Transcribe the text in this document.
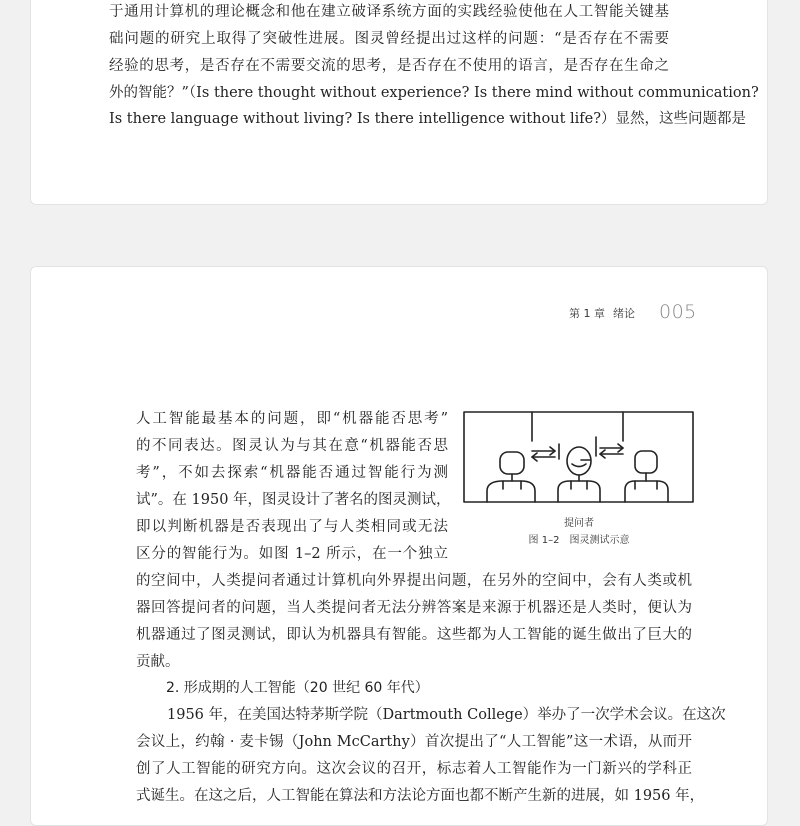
于通用计算机的理论概念和他在建立破译系统方面的实践经验使他在人工智能关键基
础问题的研究上取得了突破性进展。图灵曾经提出过这样的问题：“是否存在不需要
经验的思考，是否存在不需要交流的思考，是否存在不使用的语言，是否存在生命之
外的智能？”（Is there thought without experience? Is there mind without communication?
Is there language without living? Is there intelligence without life?）显然，这些问题都是
第 1 章 绪论 005
人工智能最基本的问题，即“机器能否思考”
的不同表达。图灵认为与其在意“机器能否思
考”，不如去探索“机器能否通过智能行为测
试”。在 1950 年，图灵设计了著名的图灵测试，
即以判断机器是否表现出了与人类相同或无法
区分的智能行为。如图 1–2 所示，在一个独立
的空间中，人类提问者通过计算机向外界提出问题，在另外的空间中，会有人类或机
器回答提问者的问题，当人类提问者无法分辨答案是来源于机器还是人类时，便认为
机器通过了图灵测试，即认为机器具有智能。这些都为人工智能的诞生做出了巨大的
贡献。
2. 形成期的人工智能（20 世纪 60 年代）
1956 年，在美国达特茅斯学院（Dartmouth College）举办了一次学术会议。在这次
会议上，约翰 · 麦卡锡（John McCarthy）首次提出了“人工智能”这一术语，从而开
创了人工智能的研究方向。这次会议的召开，标志着人工智能作为一门新兴的学科正
式诞生。在这之后，人工智能在算法和方法论方面也都不断产生新的进展，如 1956 年，
提问者
图 1–2　图灵测试示意
